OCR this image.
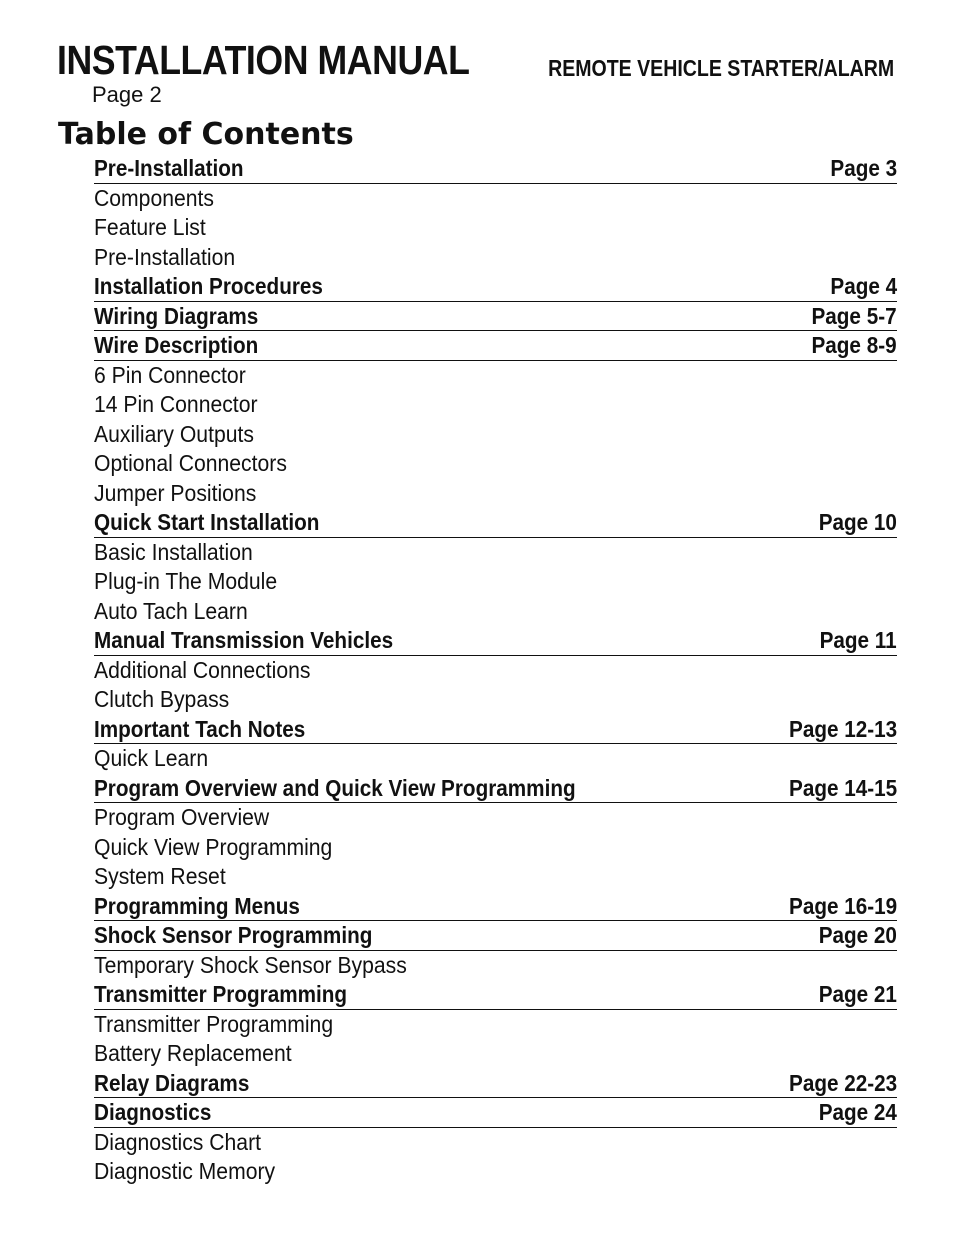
INSTALLATION MANUAL	REMOTE VEHICLE STARTER/ALARM
Page 2
Table of Contents
Pre-Installation	Page 3
Components
Feature List
Pre-Installation
Installation Procedures	Page 4
Wiring Diagrams	Page 5-7
Wire Description	Page 8-9
6 Pin Connector
14 Pin Connector
Auxiliary Outputs
Optional Connectors
Jumper Positions
Quick Start Installation	Page 10
Basic Installation
Plug-in The Module
Auto Tach Learn
Manual Transmission Vehicles	Page 11
Additional Connections
Clutch Bypass
Important Tach Notes	Page 12-13
Quick Learn
Program Overview and Quick View Programming	Page 14-15
Program Overview
Quick View Programming
System Reset
Programming Menus	Page 16-19
Shock Sensor Programming	Page 20
Temporary Shock Sensor Bypass
Transmitter Programming	Page 21
Transmitter Programming
Battery Replacement
Relay Diagrams	Page 22-23
Diagnostics	Page 24
Diagnostics Chart
Diagnostic Memory
